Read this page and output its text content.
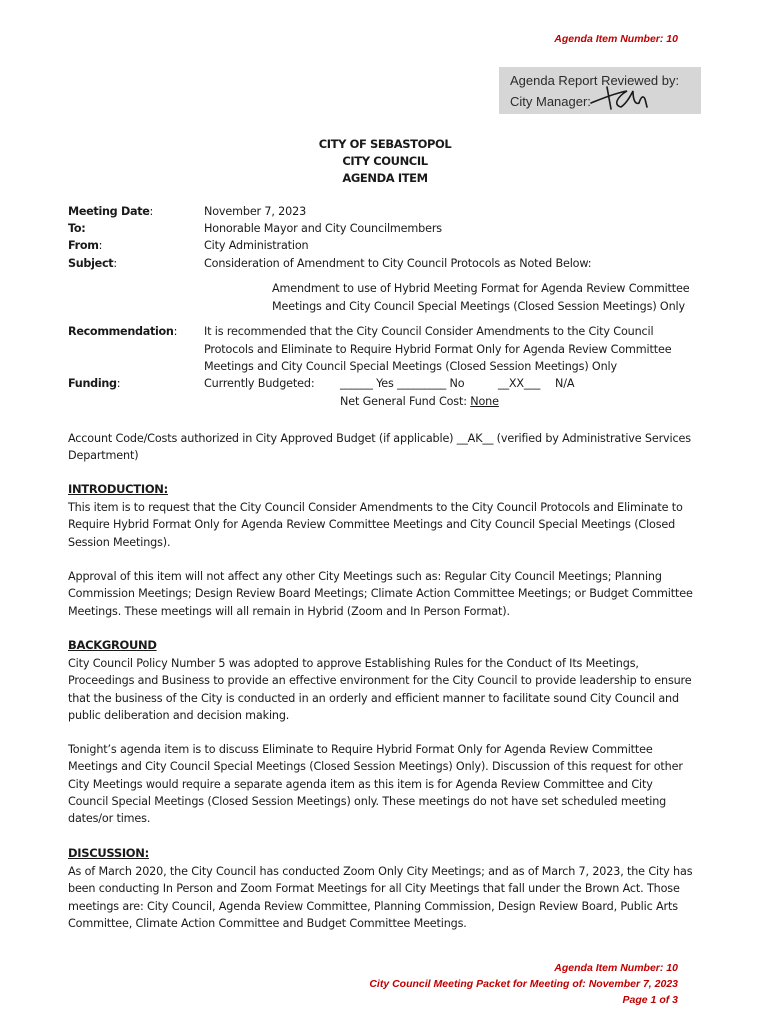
Agenda Item Number: 10
Agenda Report Reviewed by:
City Manager:
CITY OF SEBASTOPOL
CITY COUNCIL
AGENDA ITEM
Meeting Date:	November 7, 2023
To:	Honorable Mayor and City Councilmembers
From:	City Administration
Subject:	Consideration of Amendment to City Council Protocols as Noted Below:
Amendment to use of Hybrid Meeting Format for Agenda Review Committee
Meetings and City Council Special Meetings (Closed Session Meetings) Only
Recommendation: It is recommended that the City Council Consider Amendments to the City Council
Protocols and Eliminate to Require Hybrid Format Only for Agenda Review Committee
Meetings and City Council Special Meetings (Closed Session Meetings) Only
Funding:	Currently Budgeted: ______ Yes _________ No	__XX___ N/A
Net General Fund Cost: None
Account Code/Costs authorized in City Approved Budget (if applicable) __AK__ (verified by Administrative Services
Department)
INTRODUCTION:
This item is to request that the City Council Consider Amendments to the City Council Protocols and Eliminate to
Require Hybrid Format Only for Agenda Review Committee Meetings and City Council Special Meetings (Closed
Session Meetings).
Approval of this item will not affect any other City Meetings such as: Regular City Council Meetings; Planning
Commission Meetings; Design Review Board Meetings; Climate Action Committee Meetings; or Budget Committee
Meetings. These meetings will all remain in Hybrid (Zoom and In Person Format).
BACKGROUND
City Council Policy Number 5 was adopted to approve Establishing Rules for the Conduct of Its Meetings,
Proceedings and Business to provide an effective environment for the City Council to provide leadership to ensure
that the business of the City is conducted in an orderly and efficient manner to facilitate sound City Council and
public deliberation and decision making.
Tonight’s agenda item is to discuss Eliminate to Require Hybrid Format Only for Agenda Review Committee
Meetings and City Council Special Meetings (Closed Session Meetings) Only). Discussion of this request for other
City Meetings would require a separate agenda item as this item is for Agenda Review Committee and City
Council Special Meetings (Closed Session Meetings) only. These meetings do not have set scheduled meeting
dates/or times.
DISCUSSION:
As of March 2020, the City Council has conducted Zoom Only City Meetings; and as of March 7, 2023, the City has
been conducting In Person and Zoom Format Meetings for all City Meetings that fall under the Brown Act. Those
meetings are: City Council, Agenda Review Committee, Planning Commission, Design Review Board, Public Arts
Committee, Climate Action Committee and Budget Committee Meetings.
Agenda Item Number: 10
City Council Meeting Packet for Meeting of: November 7, 2023
Page 1 of 3
